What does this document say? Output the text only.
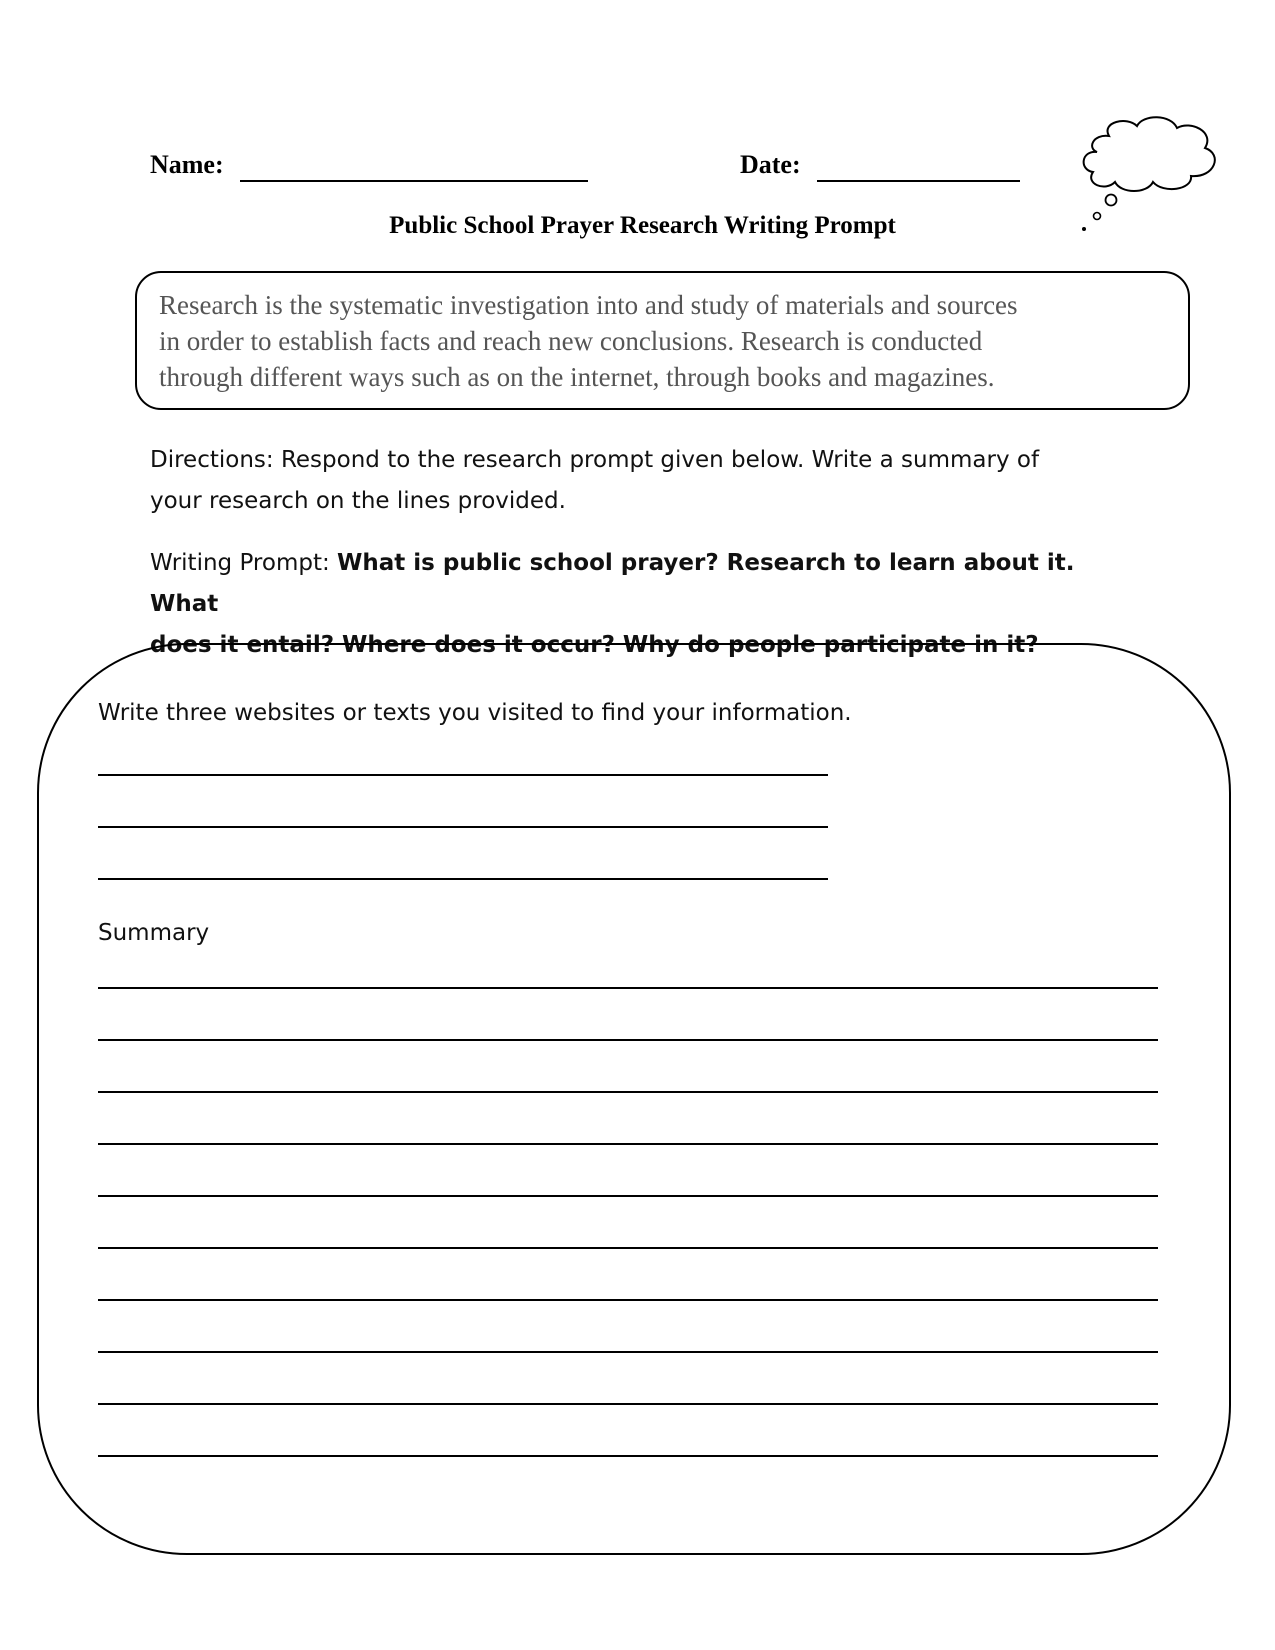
Name:	Date:
Public School Prayer Research Writing Prompt

Research is the systematic investigation into and study of materials and sources

in order to establish facts and reach new conclusions. Research is conducted

through different ways such as on the internet, through books and magazines.

Directions: Respond to the research prompt given below. Write a summary of
your research on the lines provided.
Writing Prompt: What is public school prayer? Research to learn about it. What
does it entail? Where does it occur? Why do people participate in it?
Write three websites or texts you visited to find your information.
Summary
